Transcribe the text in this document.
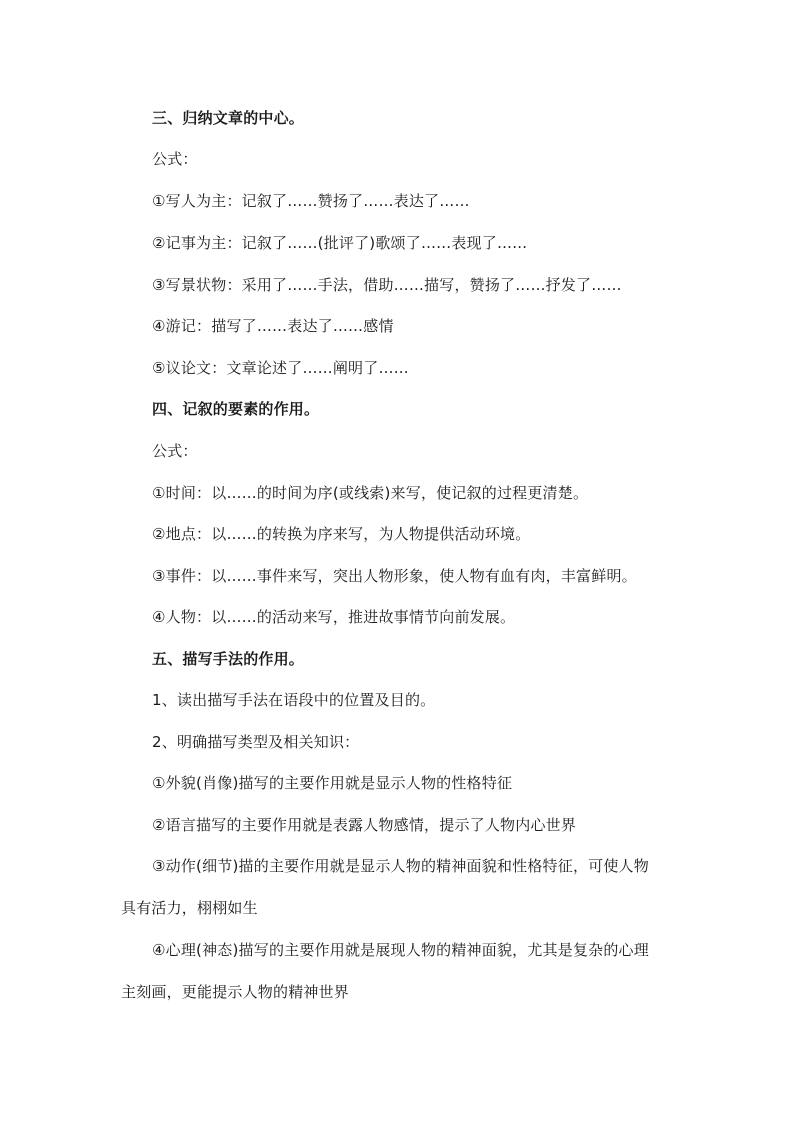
三、归纳文章的中心。
公式：
①写人为主：记叙了……赞扬了……表达了……
②记事为主：记叙了……(批评了)歌颂了……表现了……
③写景状物：采用了……手法，借助……描写，赞扬了……抒发了……
④游记：描写了……表达了……感情
⑤议论文：文章论述了……阐明了……
四、记叙的要素的作用。
公式：
①时间：以……的时间为序(或线索)来写，使记叙的过程更清楚。
②地点：以……的转换为序来写，为人物提供活动环境。
③事件：以……事件来写，突出人物形象，使人物有血有肉，丰富鲜明。
④人物：以……的活动来写，推进故事情节向前发展。
五、描写手法的作用。
1、读出描写手法在语段中的位置及目的。
2、明确描写类型及相关知识：
①外貌(肖像)描写的主要作用就是显示人物的性格特征
②语言描写的主要作用就是表露人物感情，提示了人物内心世界
③动作(细节)描的主要作用就是显示人物的精神面貌和性格特征，可使人物
具有活力，栩栩如生
④心理(神态)描写的主要作用就是展现人物的精神面貌，尤其是复杂的心理
主刻画，更能提示人物的精神世界
